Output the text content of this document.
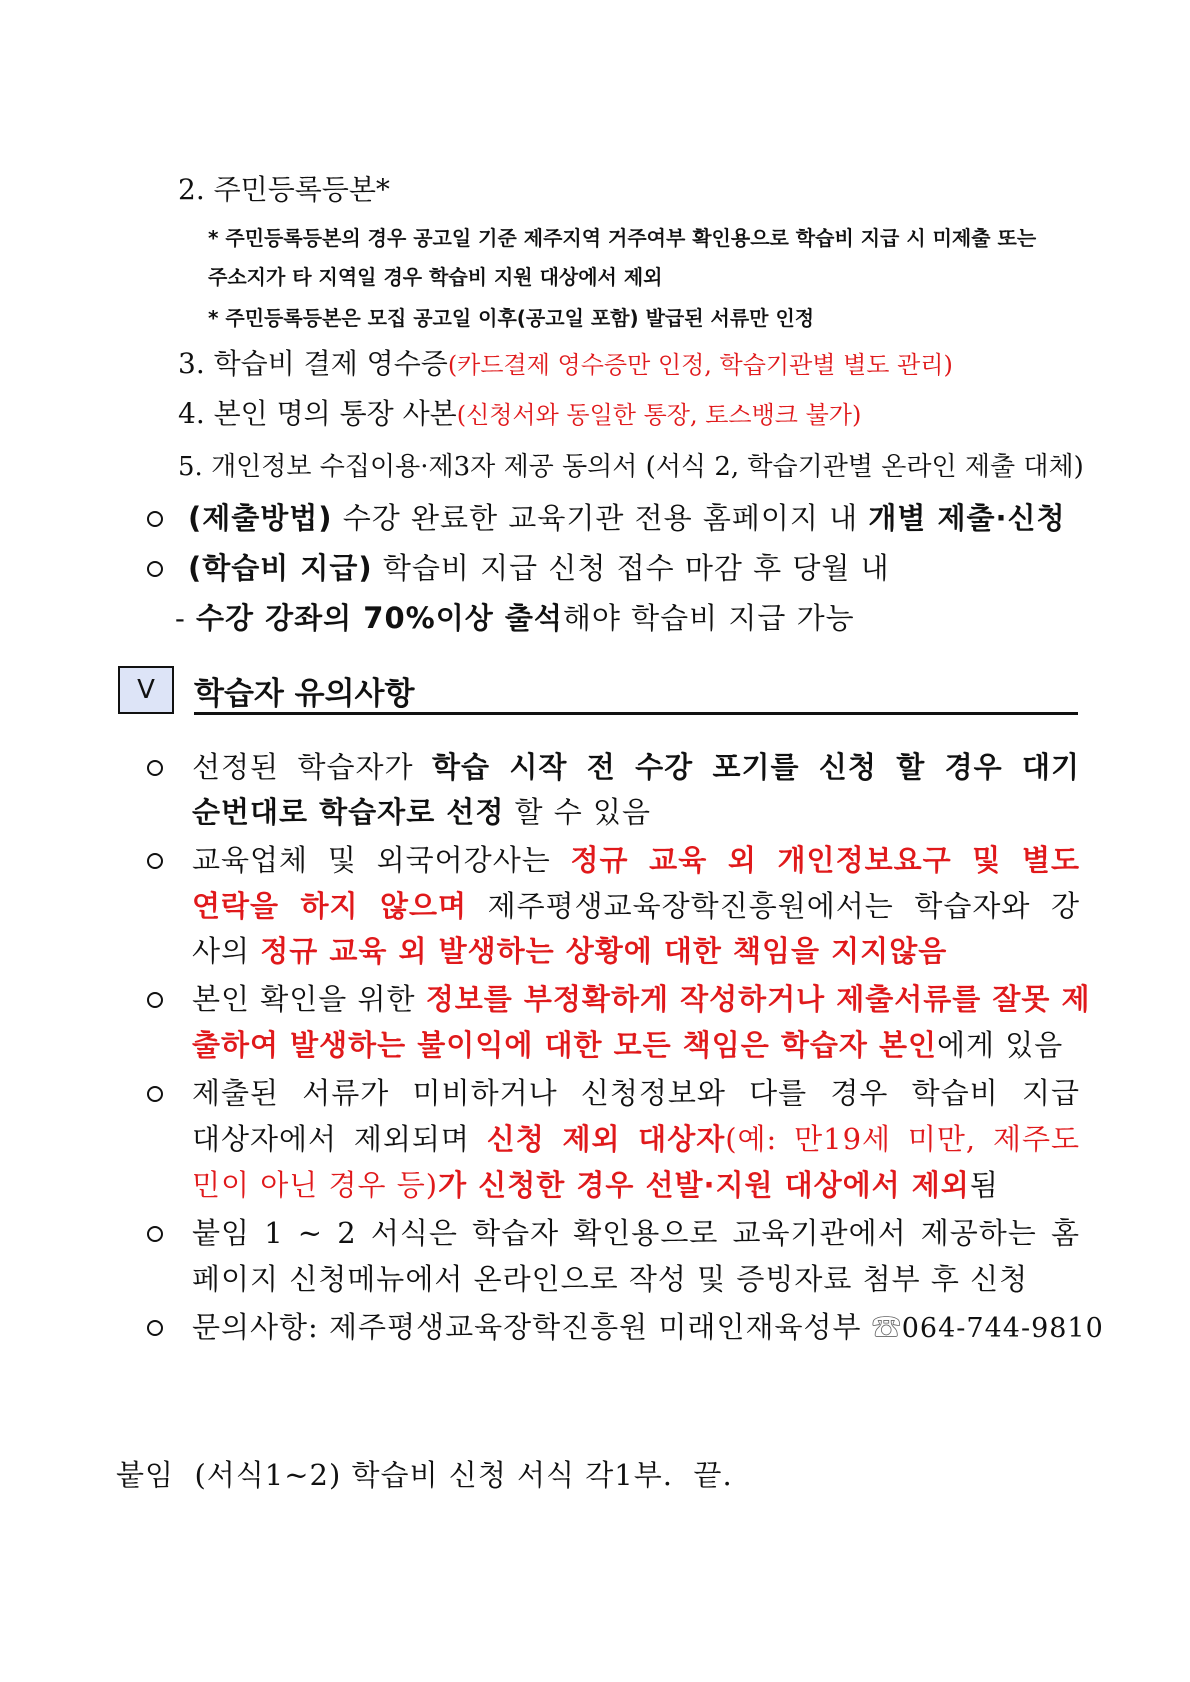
2. 주민등록등본*
* 주민등록등본의 경우 공고일 기준 제주지역 거주여부 확인용으로 학습비 지급 시 미제출 또는
주소지가 타 지역일 경우 학습비 지원 대상에서 제외
* 주민등록등본은 모집 공고일 이후(공고일 포함) 발급된 서류만 인정
3. 학습비 결제 영수증(카드결제 영수증만 인정, 학습기관별 별도 관리)
4. 본인 명의 통장 사본(신청서와 동일한 통장, 토스뱅크 불가)
5. 개인정보 수집이용·제3자 제공 동의서 (서식 2, 학습기관별 온라인 제출 대체)
(제출방법) 수강 완료한 교육기관 전용 홈페이지 내 개별 제출·신청
(학습비 지급) 학습비 지급 신청 접수 마감 후 당월 내
- 수강 강좌의 70%이상 출석해야 학습비 지급 가능
Ⅴ	학습자 유의사항
선정된 학습자가 학습 시작 전 수강 포기를 신청 할 경우 대기
순번대로 학습자로 선정 할 수 있음
교육업체 및 외국어강사는 정규 교육 외 개인정보요구 및 별도
연락을 하지 않으며 제주평생교육장학진흥원에서는 학습자와 강
사의 정규 교육 외 발생하는 상황에 대한 책임을 지지않음
본인 확인을 위한 정보를 부정확하게 작성하거나 제출서류를 잘못 제
출하여 발생하는 불이익에 대한 모든 책임은 학습자 본인에게 있음
제출된 서류가 미비하거나 신청정보와 다를 경우 학습비 지급
대상자에서 제외되며 신청 제외 대상자(예: 만19세 미만, 제주도
민이 아닌 경우 등)가 신청한 경우 선발·지원 대상에서 제외됨
붙임 1 ~ 2 서식은 학습자 확인용으로 교육기관에서 제공하는 홈
페이지 신청메뉴에서 온라인으로 작성 및 증빙자료 첨부 후 신청
문의사항: 제주평생교육장학진흥원 미래인재육성부 ☏064-744-9810
붙임  (서식1~2) 학습비 신청 서식 각1부.  끝.
